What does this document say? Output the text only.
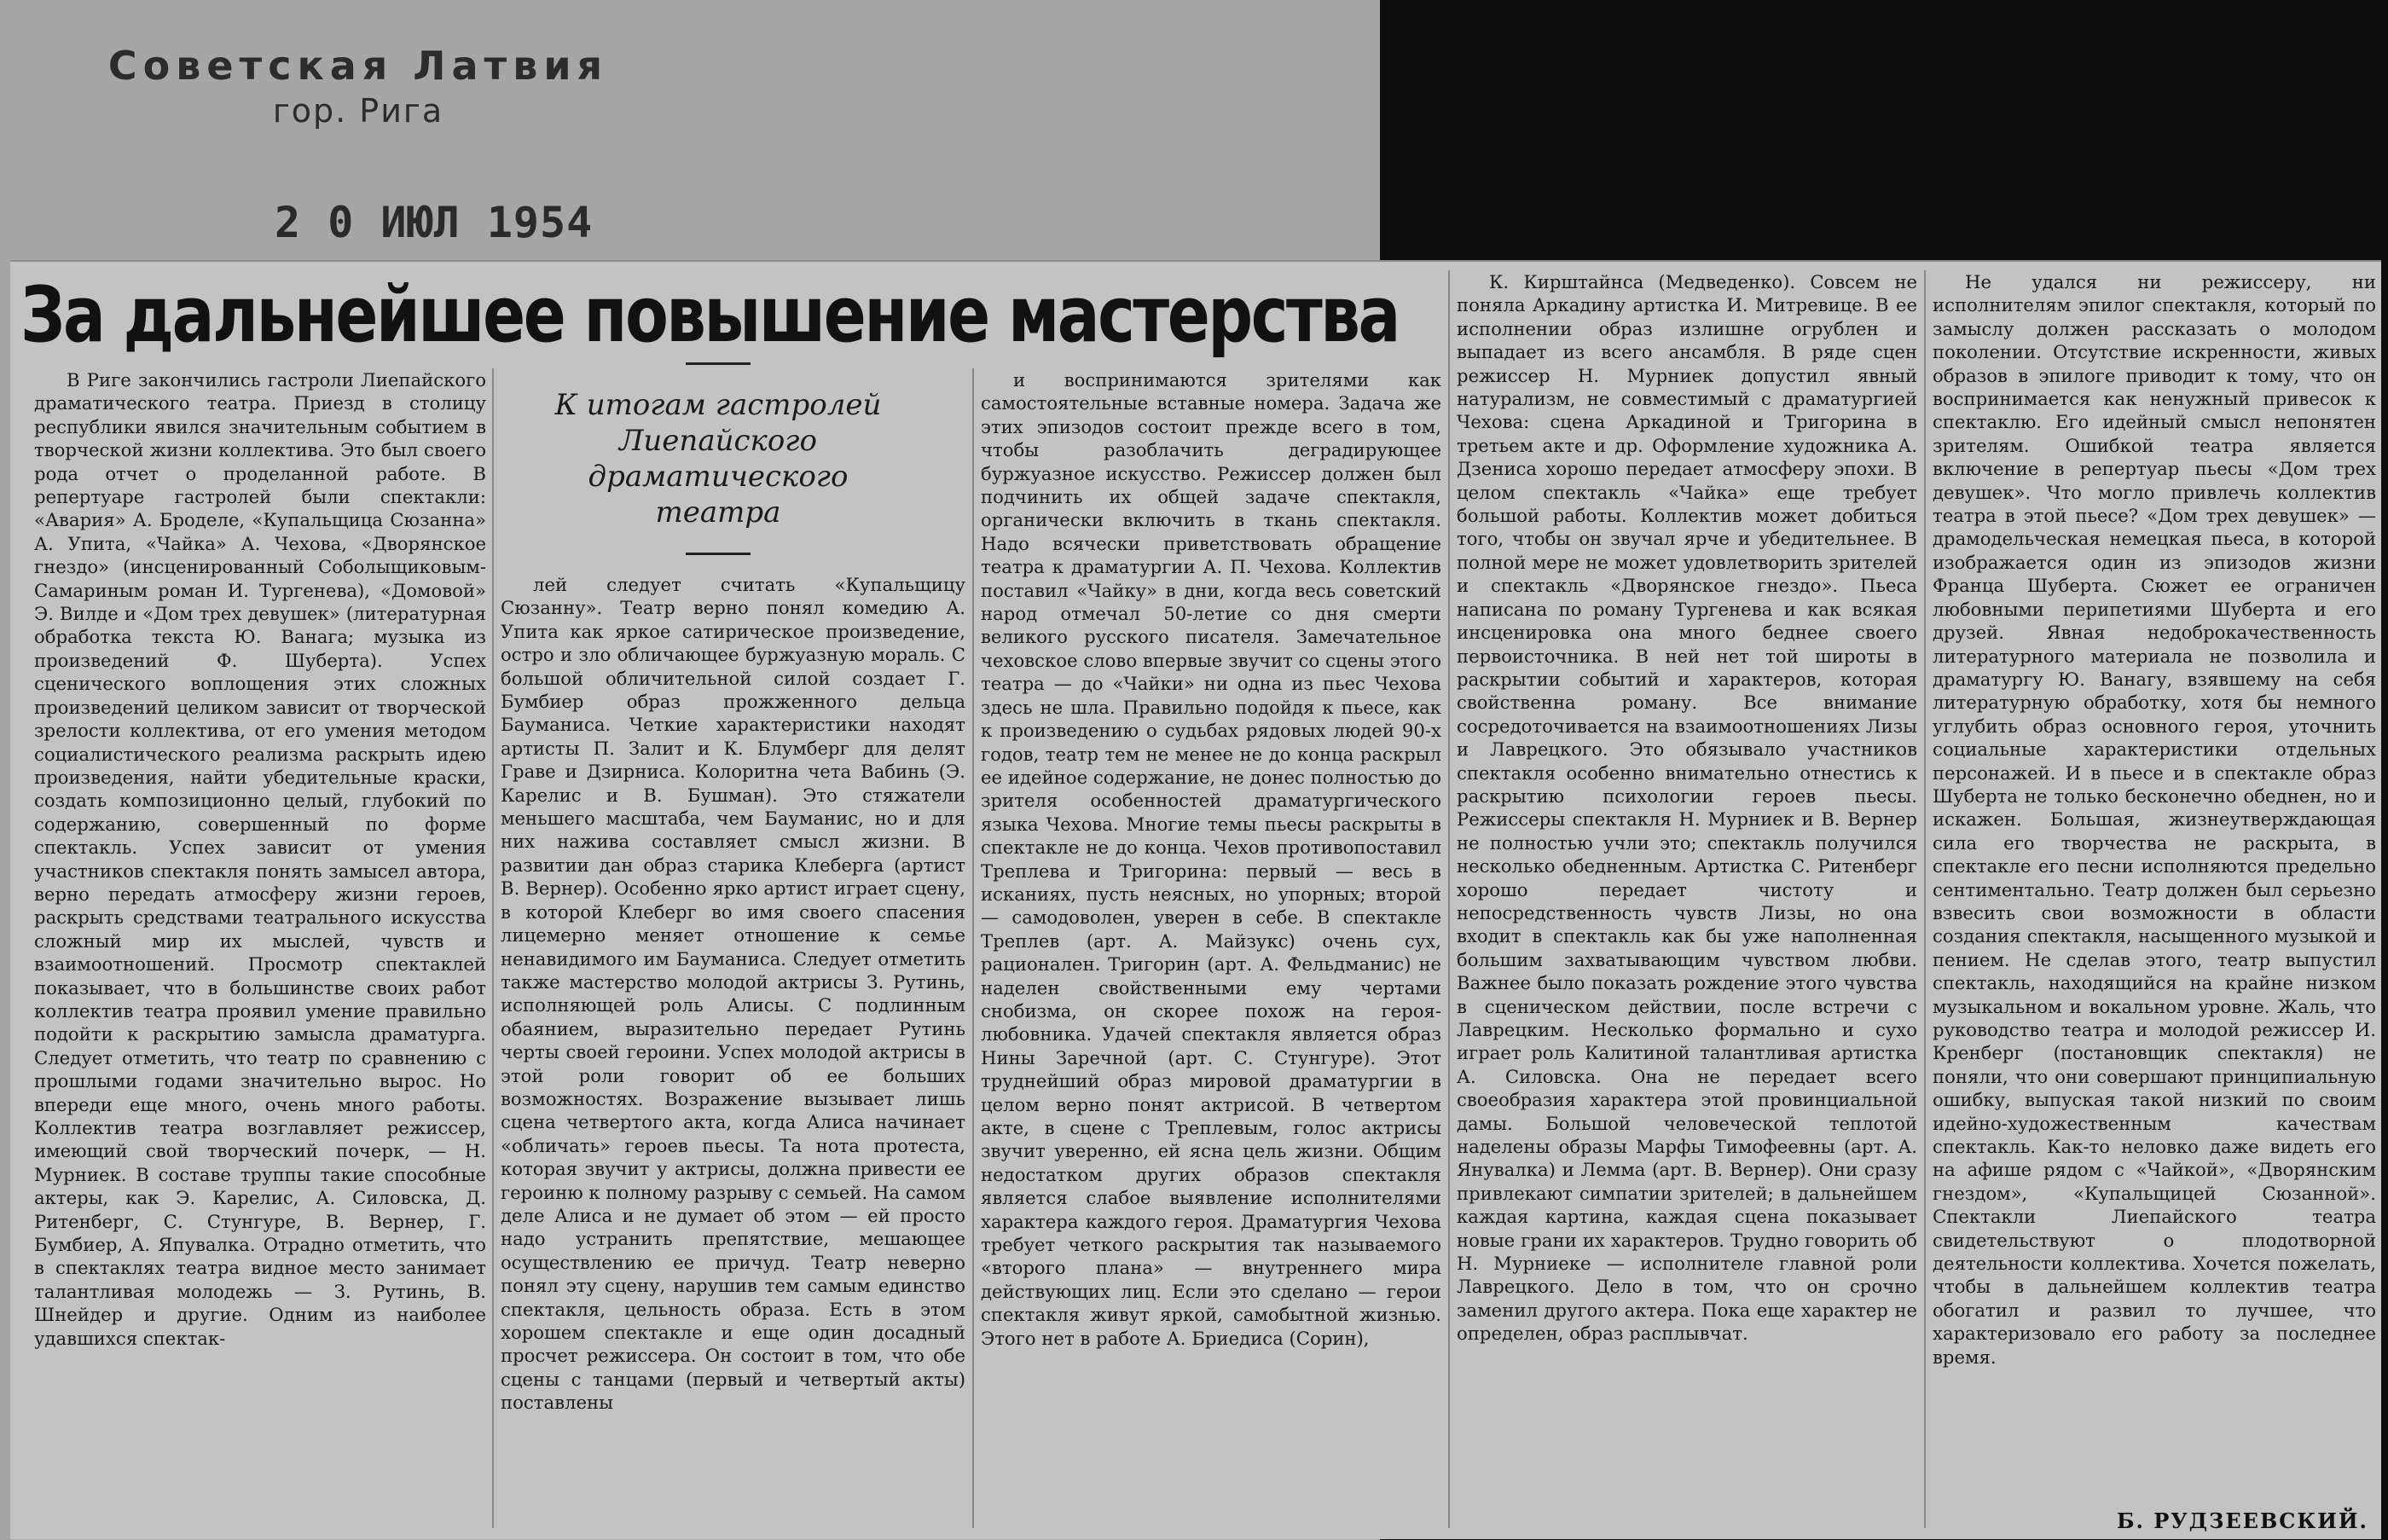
Советская Латвия
гор. Рига
2 0 ИЮЛ 1954
За дальнейшее повышение мастерства
К итогам гастролей
Лиепайского драматического
театра

В Риге закончились гастроли Лиепайского драматического театра. Приезд в столицу республики явился значительным событием в творческой жизни коллектива. Это был своего рода отчет о проделанной работе. В репертуаре гастролей были спектакли: «Авария» А. Броделе, «Купальщица Сюзанна» А. Упита, «Чайка» А. Чехова, «Дворянское гнездо» (инсценированный Соболыщиковым-Самариным роман И. Тургенева), «Домовой» Э. Вилде и «Дом трех девушек» (литературная обработка текста Ю. Ванага; музыка из произведений Ф. Шуберта). Успех сценического воплощения этих сложных произведений целиком зависит от творческой зрелости коллектива, от его умения методом социалистического реализма раскрыть идею произведения, найти убедительные краски, создать композиционно целый, глубокий по содержанию, совершенный по форме спектакль. Успех зависит от умения участников спектакля понять замысел автора, верно передать атмосферу жизни героев, раскрыть средствами театрального искусства сложный мир их мыслей, чувств и взаимоотношений. Просмотр спектаклей показывает, что в большинстве своих работ коллектив театра проявил умение правильно подойти к раскрытию замысла драматурга. Следует отметить, что театр по сравнению с прошлыми годами значительно вырос. Но впереди еще много, очень много работы. Коллектив театра возглавляет режиссер, имеющий свой творческий почерк, — Н. Мурниек. В составе труппы такие способные актеры, как Э. Карелис, А. Силовска, Д. Ритенберг, С. Стунгуре, В. Вернер, Г. Бумбиер, А. Япувалка. Отрадно отметить, что в спектаклях театра видное место занимает талантливая молодежь — З. Рутинь, В. Шнейдер и другие. Одним из наиболее удавшихся спектак-

лей следует считать «Купальщицу Сюзанну». Театр верно понял комедию А. Упита как яркое сатирическое произведение, остро и зло обличающее буржуазную мораль. С большой обличительной силой создает Г. Бумбиер образ прожженного дельца Бауманиса. Четкие характеристики находят артисты П. Залит и К. Блумберг для делят Граве и Дзирниса. Колоритна чета Вабинь (Э. Карелис и В. Бушман). Это стяжатели меньшего масштаба, чем Бауманис, но и для них нажива составляет смысл жизни. В развитии дан образ старика Клеберга (артист В. Вернер). Особенно ярко артист играет сцену, в которой Клеберг во имя своего спасения лицемерно меняет отношение к семье ненавидимого им Бауманиса. Следует отметить также мастерство молодой актрисы З. Рутинь, исполняющей роль Алисы. С подлинным обаянием, выразительно передает Рутинь черты своей героини. Успех молодой актрисы в этой роли говорит об ее больших возможностях. Возражение вызывает лишь сцена четвертого акта, когда Алиса начинает «обличать» героев пьесы. Та нота протеста, которая звучит у актрисы, должна привести ее героиню к полному разрыву с семьей. На самом деле Алиса и не думает об этом — ей просто надо устранить препятствие, мешающее осуществлению ее причуд. Театр неверно понял эту сцену, нарушив тем самым единство спектакля, цельность образа. Есть в этом хорошем спектакле и еще один досадный просчет режиссера. Он состоит в том, что обе сцены с танцами (первый и четвертый акты) поставлены

и воспринимаются зрителями как самостоятельные вставные номера. Задача же этих эпизодов состоит прежде всего в том, чтобы разоблачить деградирующее буржуазное искусство. Режиссер должен был подчинить их общей задаче спектакля, органически включить в ткань спектакля. Надо всячески приветствовать обращение театра к драматургии А. П. Чехова. Коллектив поставил «Чайку» в дни, когда весь советский народ отмечал 50-летие со дня смерти великого русского писателя. Замечательное чеховское слово впервые звучит со сцены этого театра — до «Чайки» ни одна из пьес Чехова здесь не шла. Правильно подойдя к пьесе, как к произведению о судьбах рядовых людей 90-х годов, театр тем не менее не до конца раскрыл ее идейное содержание, не донес полностью до зрителя особенностей драматургического языка Чехова. Многие темы пьесы раскрыты в спектакле не до конца. Чехов противопоставил Треплева и Тригорина: первый — весь в исканиях, пусть неясных, но упорных; второй — самодоволен, уверен в себе. В спектакле Треплев (арт. А. Майзукс) очень сух, рационален. Тригорин (арт. А. Фельдманис) не наделен свойственными ему чертами снобизма, он скорее похож на героя-любовника. Удачей спектакля является образ Нины Заречной (арт. С. Стунгуре). Этот труднейший образ мировой драматургии в целом верно понят актрисой. В четвертом акте, в сцене с Треплевым, голос актрисы звучит уверенно, ей ясна цель жизни. Общим недостатком других образов спектакля является слабое выявление исполнителями характера каждого героя. Драматургия Чехова требует четкого раскрытия так называемого «второго плана» — внутреннего мира действующих лиц. Если это сделано — герои спектакля живут яркой, самобытной жизнью. Этого нет в работе А. Бриедиса (Сорин),

К. Кирштайнса (Медведенко). Совсем не поняла Аркадину артистка И. Митревице. В ее исполнении образ излишне огрублен и выпадает из всего ансамбля. В ряде сцен режиссер Н. Мурниек допустил явный натурализм, не совместимый с драматургией Чехова: сцена Аркадиной и Тригорина в третьем акте и др. Оформление художника А. Дзениса хорошо передает атмосферу эпохи. В целом спектакль «Чайка» еще требует большой работы. Коллектив может добиться того, чтобы он звучал ярче и убедительнее. В полной мере не может удовлетворить зрителей и спектакль «Дворянское гнездо». Пьеса написана по роману Тургенева и как всякая инсценировка она много беднее своего первоисточника. В ней нет той широты в раскрытии событий и характеров, которая свойственна роману. Все внимание сосредоточивается на взаимоотношениях Лизы и Лаврецкого. Это обязывало участников спектакля особенно внимательно отнестись к раскрытию психологии героев пьесы. Режиссеры спектакля Н. Мурниек и В. Вернер не полностью учли это; спектакль получился несколько обедненным. Артистка С. Ритенберг хорошо передает чистоту и непосредственность чувств Лизы, но она входит в спектакль как бы уже наполненная большим захватывающим чувством любви. Важнее было показать рождение этого чувства в сценическом действии, после встречи с Лаврецким. Несколько формально и сухо играет роль Калитиной талантливая артистка А. Силовска. Она не передает всего своеобразия характера этой провинциальной дамы. Большой человеческой теплотой наделены образы Марфы Тимофеевны (арт. А. Янувалка) и Лемма (арт. В. Вернер). Они сразу привлекают симпатии зрителей; в дальнейшем каждая картина, каждая сцена показывает новые грани их характеров. Трудно говорить об Н. Мурниеке — исполнителе главной роли Лаврецкого. Дело в том, что он срочно заменил другого актера. Пока еще характер не определен, образ расплывчат.

Не удался ни режиссеру, ни исполнителям эпилог спектакля, который по замыслу должен рассказать о молодом поколении. Отсутствие искренности, живых образов в эпилоге приводит к тому, что он воспринимается как ненужный привесок к спектаклю. Его идейный смысл непонятен зрителям. Ошибкой театра является включение в репертуар пьесы «Дом трех девушек». Что могло привлечь коллектив театра в этой пьесе? «Дом трех девушек» — драмодельческая немецкая пьеса, в которой изображается один из эпизодов жизни Франца Шуберта. Сюжет ее ограничен любовными перипетиями Шуберта и его друзей. Явная недоброкачественность литературного материала не позволила и драматургу Ю. Ванагу, взявшему на себя литературную обработку, хотя бы немного углубить образ основного героя, уточнить социальные характеристики отдельных персонажей. И в пьесе и в спектакле образ Шуберта не только бесконечно обеднен, но и искажен. Большая, жизнеутверждающая сила его творчества не раскрыта, в спектакле его песни исполняются предельно сентиментально. Театр должен был серьезно взвесить свои возможности в области создания спектакля, насыщенного музыкой и пением. Не сделав этого, театр выпустил спектакль, находящийся на крайне низком музыкальном и вокальном уровне. Жаль, что руководство театра и молодой режиссер И. Кренберг (постановщик спектакля) не поняли, что они совершают принципиальную ошибку, выпуская такой низкий по своим идейно-художественным качествам спектакль. Как-то неловко даже видеть его на афише рядом с «Чайкой», «Дворянским гнездом», «Купальщицей Сюзанной». Спектакли Лиепайского театра свидетельствуют о плодотворной деятельности коллектива. Хочется пожелать, чтобы в дальнейшем коллектив театра обогатил и развил то лучшее, что характеризовало его работу за последнее время.

Б. РУДЗЕЕВСКИЙ.
